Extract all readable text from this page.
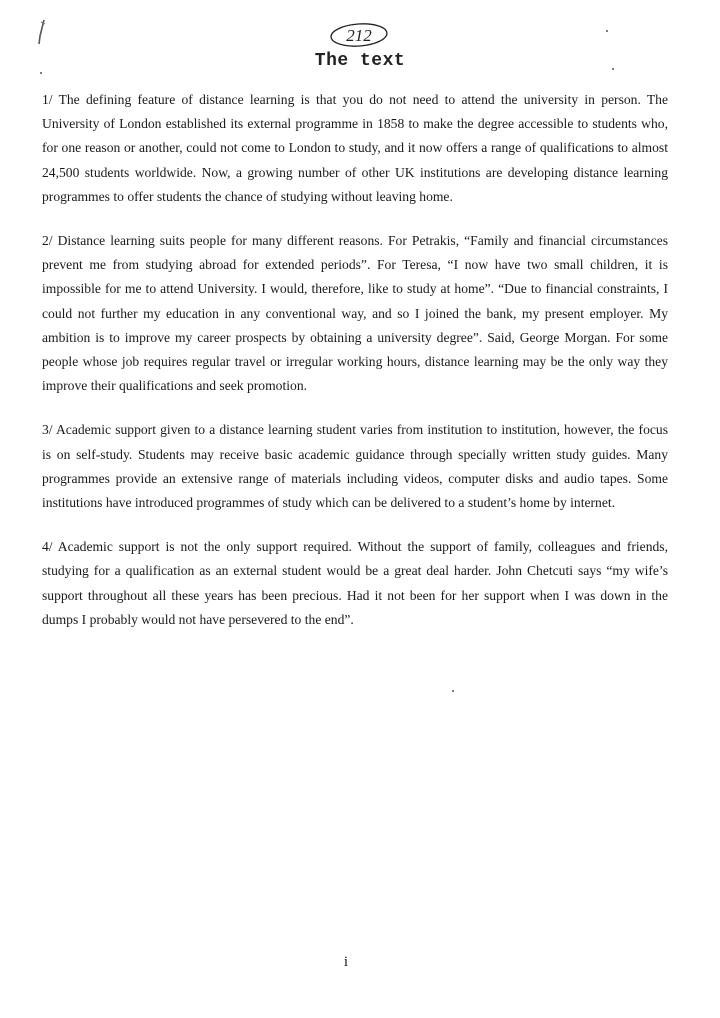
212
The text

1/ The defining feature of distance learning is that you do not need to attend the university in person. The University of London established its external programme in 1858 to make the degree accessible to students who, for one reason or another, could not come to London to study, and it now offers a range of qualifications to almost 24,500 students worldwide. Now, a growing number of other UK institutions are developing distance learning programmes to offer students the chance of studying without leaving home.

2/ Distance learning suits people for many different reasons. For Petrakis, “Family and financial circumstances prevent me from studying abroad for extended periods”. For Teresa, “I now have two small children, it is impossible for me to attend University. I would, therefore, like to study at home”. “Due to financial constraints, I could not further my education in any conventional way, and so I joined the bank, my present employer. My ambition is to improve my career prospects by obtaining a university degree”. Said, George Morgan. For some people whose job requires regular travel or irregular working hours, distance learning may be the only way they improve their qualifications and seek promotion.

3/ Academic support given to a distance learning student varies from institution to institution, however, the focus is on self-study. Students may receive basic academic guidance through specially written study guides. Many programmes provide an extensive range of materials including videos, computer disks and audio tapes. Some institutions have introduced programmes of study which can be delivered to a student’s home by internet.

4/ Academic support is not the only support required. Without the support of family, colleagues and friends, studying for a qualification as an external student would be a great deal harder. John Chetcuti says “my wife’s support throughout all these years has been precious. Had it not been for her support when I was down in the dumps I probably would not have persevered to the end”.

i
